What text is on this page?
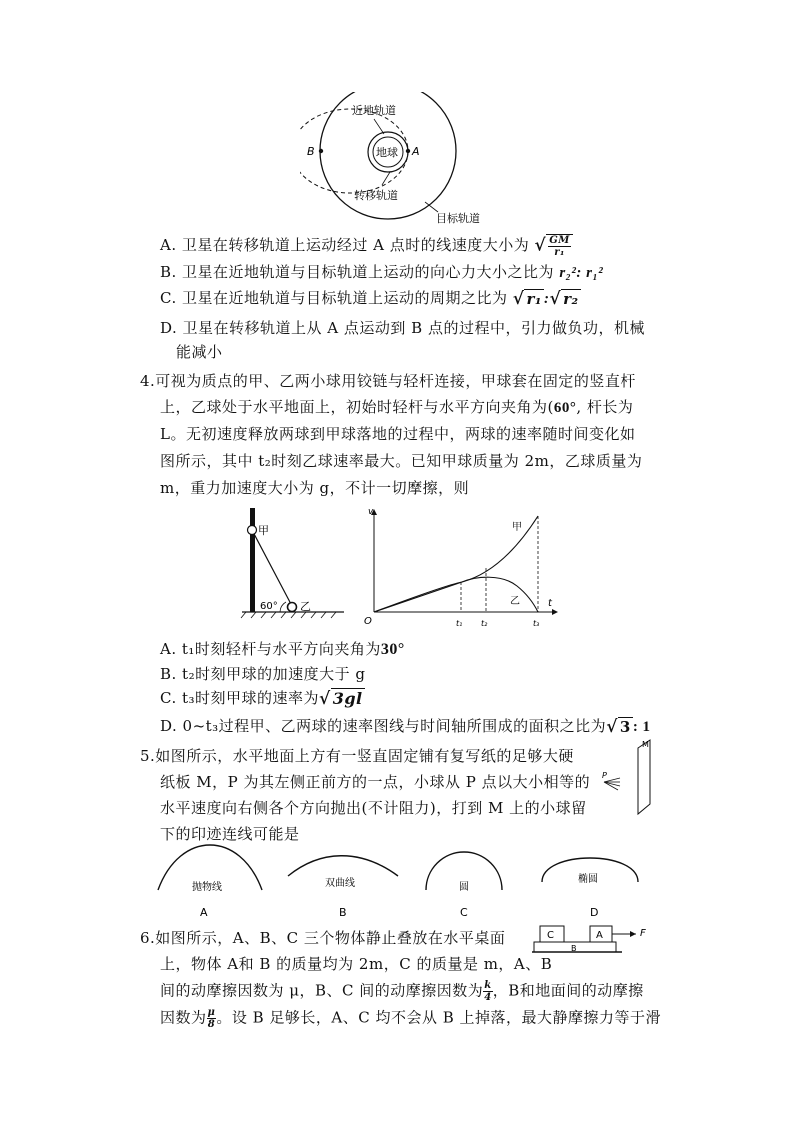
近地轨道
地球
B	A
转移轨道
目标轨道
A. 卫星在转移轨道上运动经过 A 点时的线速度大小为 √ $\frac{GM}{\text{r₁}}$
B. 卫星在近地轨道与目标轨道上运动的向心力大小之比为 r₂²: r₁²
C. 卫星在近地轨道与目标轨道上运动的周期之比为 √ r₁ :√ r₂
D. 卫星在转移轨道上从 A 点运动到 B 点的过程中，引力做负功，机械
能减小
4.可视为质点的甲、乙两小球用铰链与轻杆连接，甲球套在固定的竖直杆
上，乙球处于水平地面上，初始时轻杆与水平方向夹角为(60°, 杆长为
L。无初速度释放两球到甲球落地的过程中，两球的速率随时间变化如
图所示，其中 t₂时刻乙球速率最大。已知甲球质量为 2m，乙球质量为
m，重力加速度大小为 g，不计一切摩擦，则
甲
乙
60°
v
t
O	t₁ t₂	t₃
甲
乙
A. t₁时刻轻杆与水平方向夹角为30°
B. t₂时刻甲球的加速度大于 g
C. t₃时刻甲球的速率为√ 3gl
D. 0~t₃过程甲、乙两球的速率图线与时间轴所围成的面积之比为√ 3 : 1
5.如图所示，水平地面上方有一竖直固定铺有复写纸的足够大硬
纸板 M，P 为其左侧正前方的一点，小球从 P 点以大小相等的
水平速度向右侧各个方向抛出(不计阻力)，打到 M 上的小球留
下的印迹连线可能是
M
P
抛物线	双曲线	圆
椭圆
A	B	C	D
6.如图所示，A、B、C 三个物体静止叠放在水平桌面
上，物体 A和 B 的质量均为 2m，C 的质量是 m，A、B
间的动摩擦因数为 μ，B、C 间的动摩擦因数为 $\frac{k}{4}$ ，B和地面间的动摩擦
因数为 $\frac{\mu}{8}$ 。设 B 足够长，A、C 均不会从 B 上掉落，最大静摩擦力等于滑
C	A
B
F
